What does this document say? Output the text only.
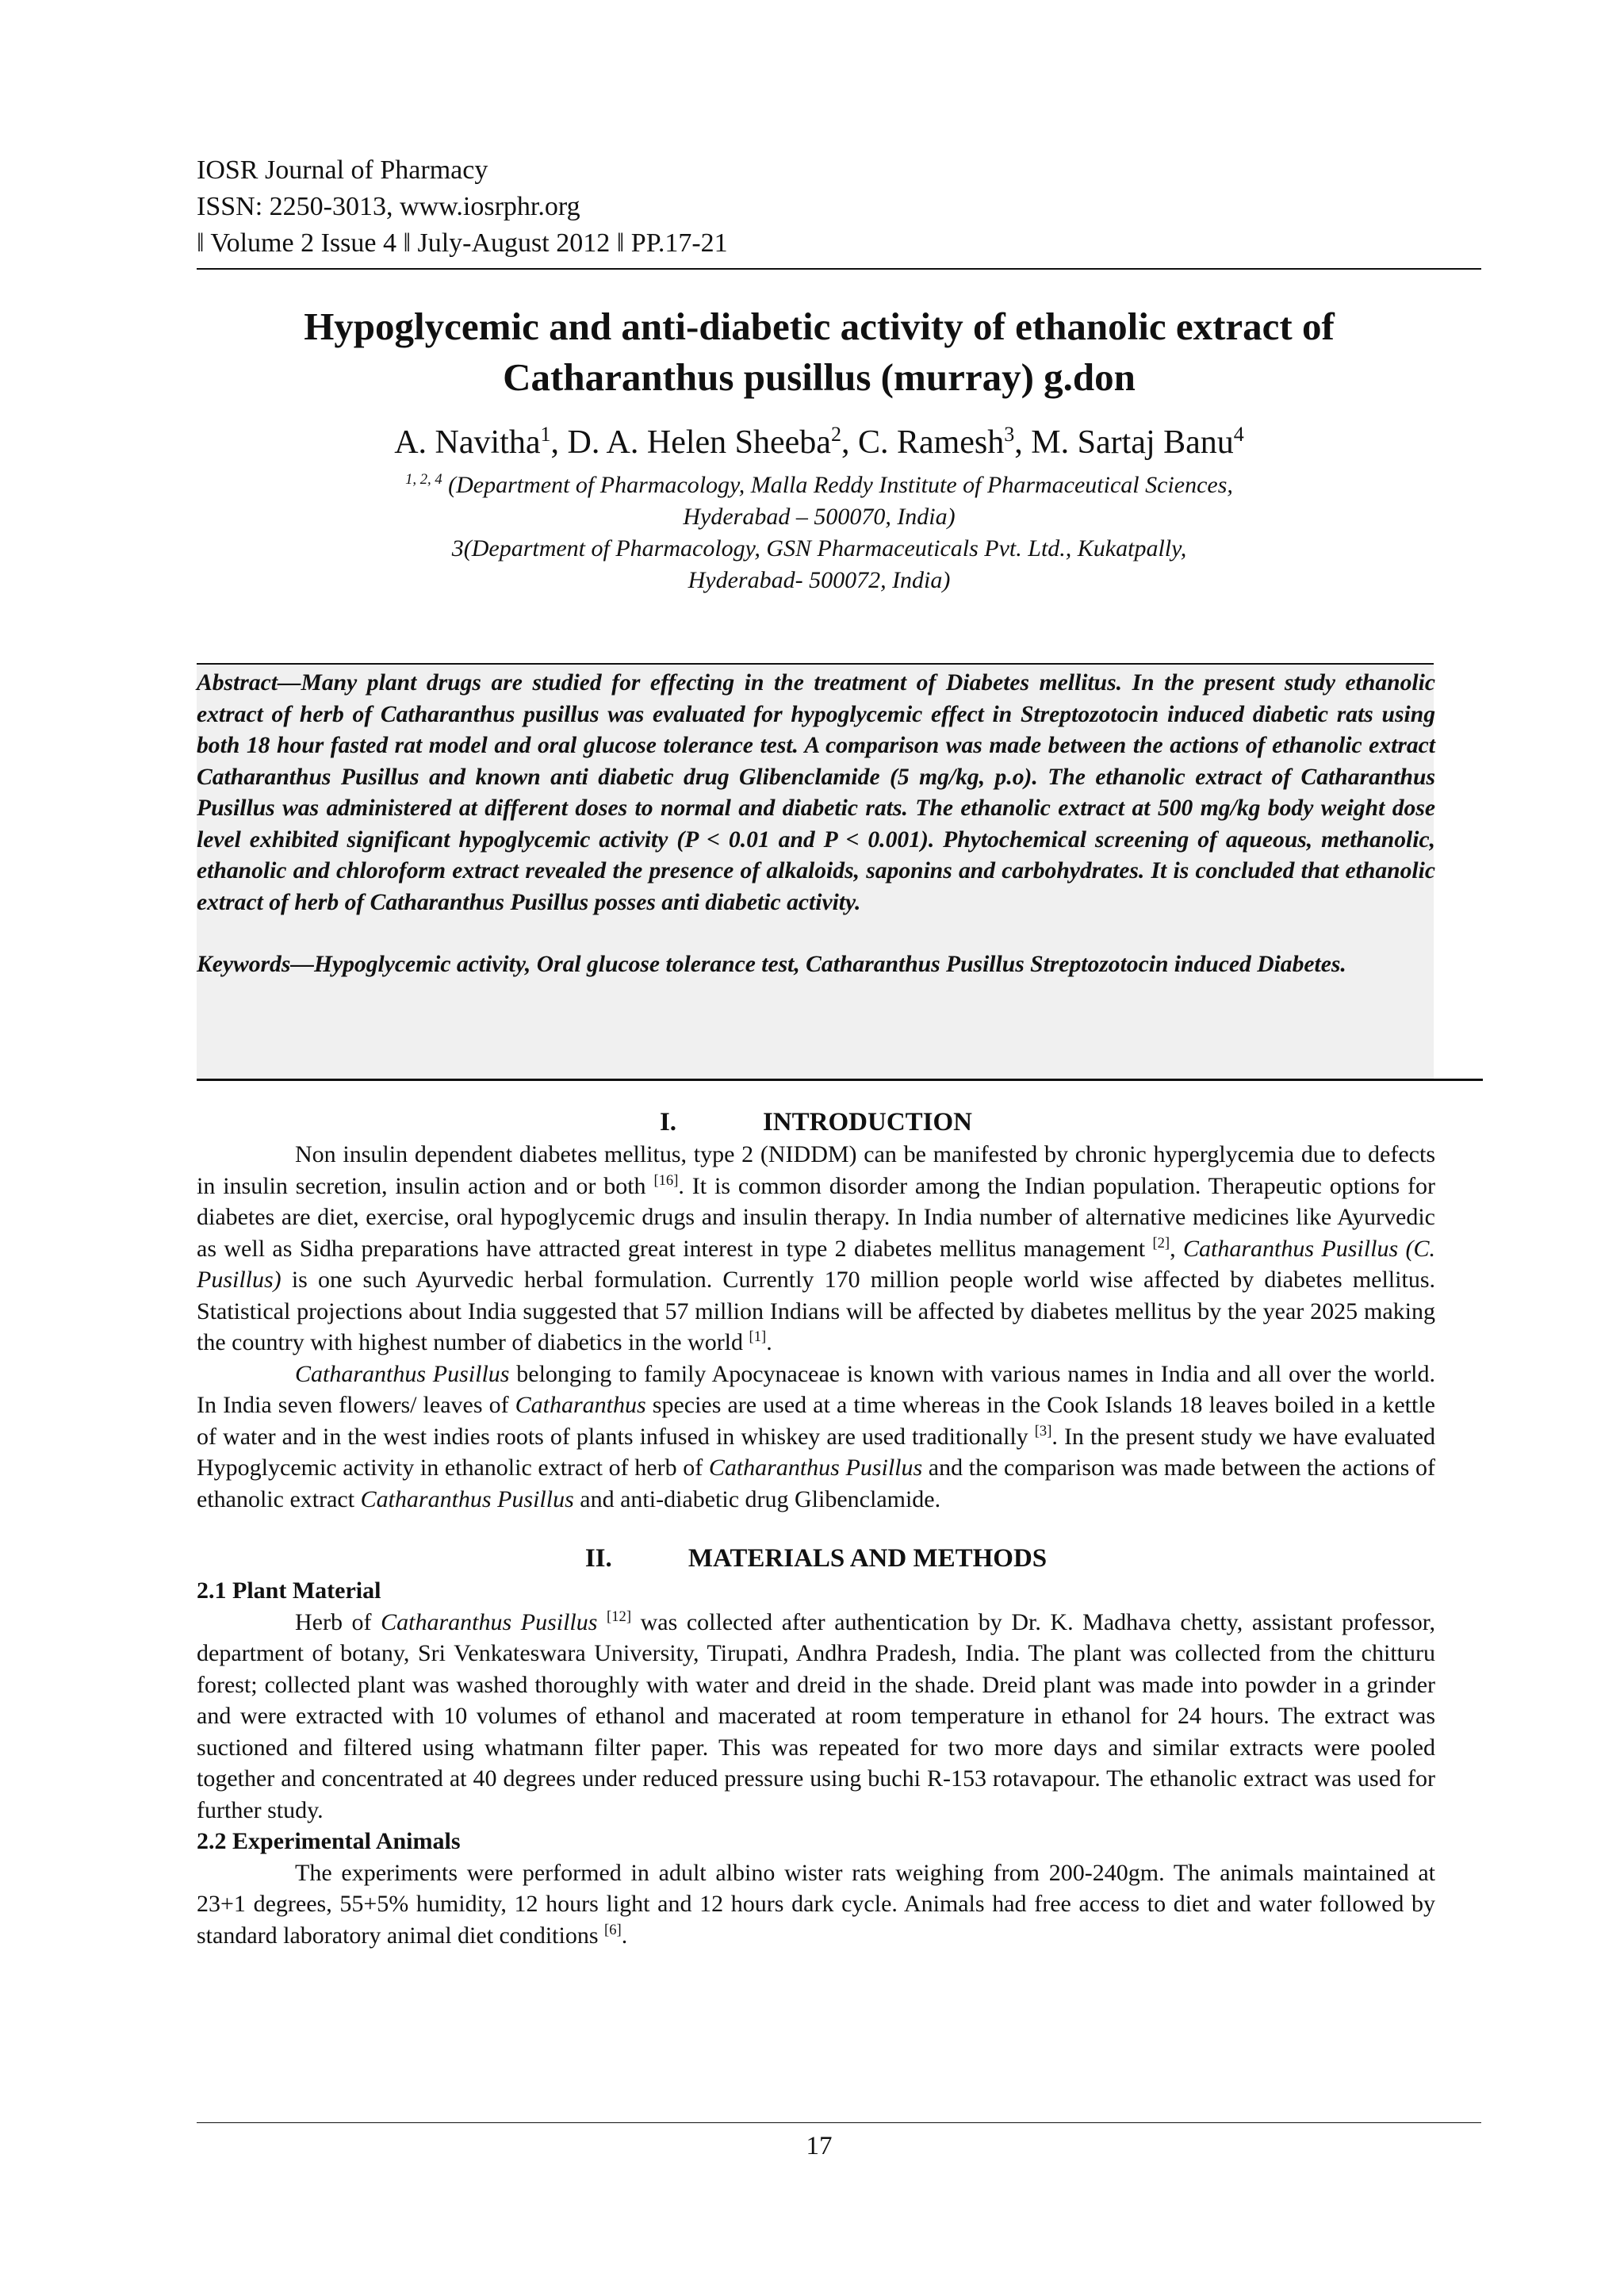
IOSR Journal of Pharmacy
ISSN: 2250-3013, www.iosrphr.org
‖ Volume 2 Issue 4 ‖ July-August 2012 ‖ PP.17-21
Hypoglycemic and anti-diabetic activity of ethanolic extract of
Catharanthus pusillus (murray) g.don
A. Navitha$^1$, D. A. Helen Sheeba$^2$, C. Ramesh$^3$, M. Sartaj Banu$^4$
$^{1, 2, 4}$ (Department of Pharmacology, Malla Reddy Institute of Pharmaceutical Sciences,
Hyderabad – 500070, India)
3(Department of Pharmacology, GSN Pharmaceuticals Pvt. Ltd., Kukatpally,
Hyderabad- 500072, India)

Abstract—Many plant drugs are studied for effecting in the treatment of Diabetes mellitus. In the present study ethanolic extract of herb of Catharanthus pusillus was evaluated for hypoglycemic effect in Streptozotocin induced diabetic rats using both 18 hour fasted rat model and oral glucose tolerance test. A comparison was made between the actions of ethanolic extract Catharanthus Pusillus and known anti diabetic drug Glibenclamide (5 mg/kg, p.o). The ethanolic extract of Catharanthus Pusillus was administered at different doses to normal and diabetic rats. The ethanolic extract at 500 mg/kg body weight dose level exhibited significant hypoglycemic activity (P < 0.01 and P < 0.001). Phytochemical screening of aqueous, methanolic, ethanolic and chloroform extract revealed the presence of alkaloids, saponins and carbohydrates. It is concluded that ethanolic extract of herb of Catharanthus Pusillus posses anti diabetic activity.

Keywords—Hypoglycemic activity, Oral glucose tolerance test, Catharanthus Pusillus Streptozotocin induced Diabetes.

I.	INTRODUCTION

Non insulin dependent diabetes mellitus, type 2 (NIDDM) can be manifested by chronic hyperglycemia due to defects in insulin secretion, insulin action and or both [16]. It is common disorder among the Indian population. Therapeutic options for diabetes are diet, exercise, oral hypoglycemic drugs and insulin therapy. In India number of alternative medicines like Ayurvedic as well as Sidha preparations have attracted great interest in type 2 diabetes mellitus management [2], Catharanthus Pusillus (C. Pusillus) is one such Ayurvedic herbal formulation. Currently 170 million people world wise affected by diabetes mellitus. Statistical projections about India suggested that 57 million Indians will be affected by diabetes mellitus by the year 2025 making the country with highest number of diabetics in the world [1].

Catharanthus Pusillus belonging to family Apocynaceae is known with various names in India and all over the world. In India seven flowers/ leaves of Catharanthus species are used at a time whereas in the Cook Islands 18 leaves boiled in a kettle of water and in the west indies roots of plants infused in whiskey are used traditionally [3]. In the present study we have evaluated Hypoglycemic activity in ethanolic extract of herb of Catharanthus Pusillus and the comparison was made between the actions of ethanolic extract Catharanthus Pusillus and anti-diabetic drug Glibenclamide.

II.	MATERIALS AND METHODS

2.1 Plant Material

Herb of Catharanthus Pusillus [12] was collected after authentication by Dr. K. Madhava chetty, assistant professor, department of botany, Sri Venkateswara University, Tirupati, Andhra Pradesh, India. The plant was collected from the chitturu forest; collected plant was washed thoroughly with water and dreid in the shade. Dreid plant was made into powder in a grinder and were extracted with 10 volumes of ethanol and macerated at room temperature in ethanol for 24 hours. The extract was suctioned and filtered using whatmann filter paper. This was repeated for two more days and similar extracts were pooled together and concentrated at 40 degrees under reduced pressure using buchi R-153 rotavapour. The ethanolic extract was used for further study.

2.2 Experimental Animals

The experiments were performed in adult albino wister rats weighing from 200-240gm. The animals maintained at 23+1 degrees, 55+5% humidity, 12 hours light and 12 hours dark cycle. Animals had free access to diet and water followed by standard laboratory animal diet conditions [6].

17
